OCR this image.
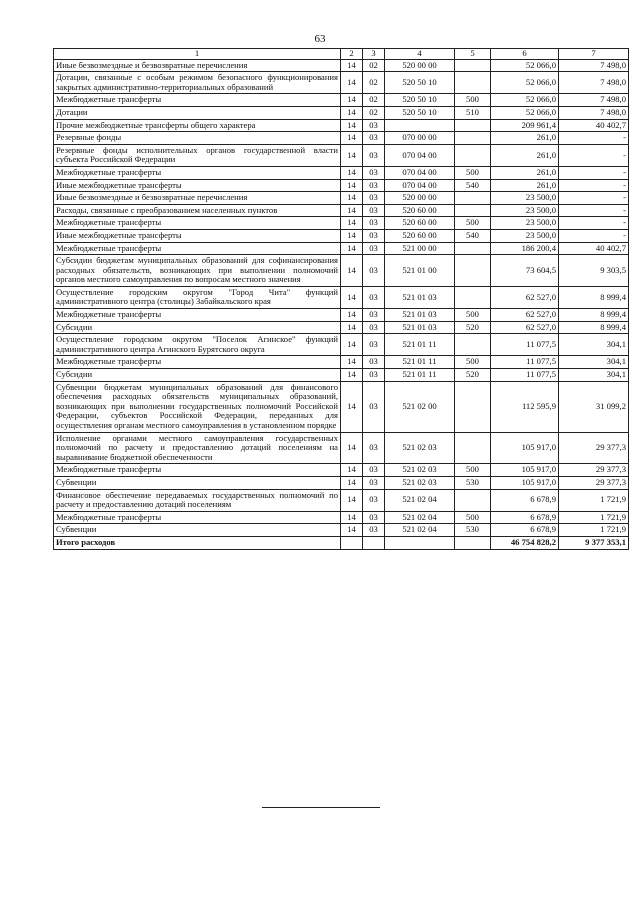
63
1	2	3	4	5	6	7
Иные безвозмездные и безвозвратные перечисления	14	02	520 00 00		52 066,0	7 498,0
Дотации, связанные с особым режимом безопасного функционирования закрытых административно-территориальных образований	14	02	520 50 10		52 066,0	7 498,0
Межбюджетные трансферты	14	02	520 50 10	500	52 066,0	7 498,0
Дотации	14	02	520 50 10	510	52 066,0	7 498,0
Прочие межбюджетные трансферты общего характера	14	03			209 961,4	40 402,7
Резервные фонды	14	03	070 00 00		261,0	-
Резервные фонды исполнительных органов государственной власти субъекта Российской Федерации	14	03	070 04 00		261,0	-
Межбюджетные трансферты	14	03	070 04 00	500	261,0	-
Иные межбюджетные трансферты	14	03	070 04 00	540	261,0	-
Иные безвозмездные и безвозвратные перечисления	14	03	520 00 00		23 500,0	-
Расходы, связанные с преобразованием населенных пунктов	14	03	520 60 00		23 500,0	-
Межбюджетные трансферты	14	03	520 60 00	500	23 500,0	-
Иные межбюджетные трансферты	14	03	520 60 00	540	23 500,0	-
Межбюджетные трансферты	14	03	521 00 00		186 200,4	40 402,7
Субсидии бюджетам муниципальных образований для софинансирования расходных обязательств, возникающих при выполнении полномочий органов местного самоуправления по вопросам местного значения	14	03	521 01 00		73 604,5	9 303,5
Осуществление городским округом "Город Чита" функций административного центра (столицы) Забайкальского края	14	03	521 01 03		62 527,0	8 999,4
Межбюджетные трансферты	14	03	521 01 03	500	62 527,0	8 999,4
Субсидии	14	03	521 01 03	520	62 527,0	8 999,4
Осуществление городским округом "Поселок Агинское" функций административного центра Агинского Бурятского округа	14	03	521 01 11		11 077,5	304,1
Межбюджетные трансферты	14	03	521 01 11	500	11 077,5	304,1
Субсидии	14	03	521 01 11	520	11 077,5	304,1
Субвенции бюджетам муниципальных образований для финансового обеспечения расходных обязательств муниципальных образований, возникающих при выполнении государственных полномочий Российской Федерации, субъектов Российской Федерации, переданных для осуществления органам местного самоуправления в установленном порядке	14	03	521 02 00		112 595,9	31 099,2
Исполнение органами местного самоуправления государственных полномочий по расчету и предоставлению дотаций поселениям на выравнивание бюджетной обеспеченности	14	03	521 02 03		105 917,0	29 377,3
Межбюджетные трансферты	14	03	521 02 03	500	105 917,0	29 377,3
Субвенции	14	03	521 02 03	530	105 917,0	29 377,3
Финансовое обеспечение передаваемых государственных полномочий по расчету и предоставлению дотаций поселениям	14	03	521 02 04		6 678,9	1 721,9
Межбюджетные трансферты	14	03	521 02 04	500	6 678,9	1 721,9
Субвенции	14	03	521 02 04	530	6 678,9	1 721,9
Итого расходов					46 754 828,2	9 377 353,1
